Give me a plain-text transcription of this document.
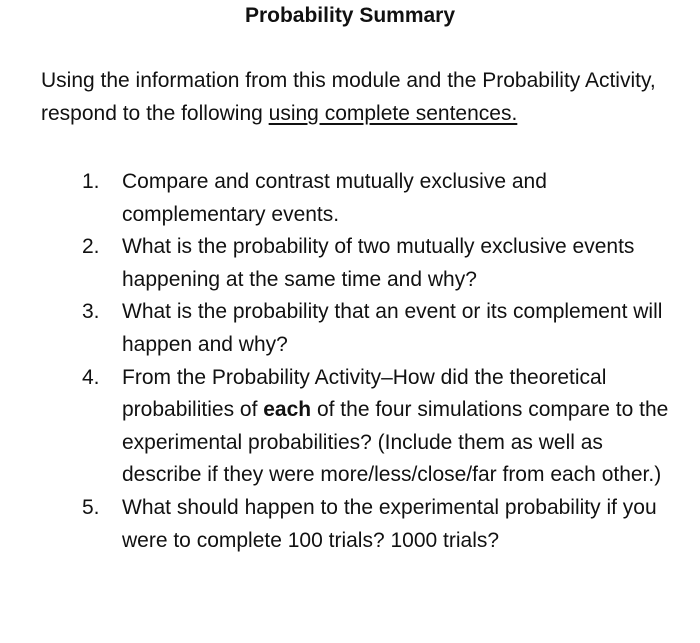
Probability Summary
Using the information from this module and the Probability Activity, respond to the following using complete sentences.
1.	Compare and contrast mutually exclusive and complementary events.
2.	What is the probability of two mutually exclusive events happening at the same time and why?
3.	What is the probability that an event or its complement will happen and why?
4.	From the Probability Activity–How did the theoretical probabilities of each of the four simulations compare to the experimental probabilities? (Include them as well as describe if they were more/less/close/far from each other.)
5.	What should happen to the experimental probability if you were to complete 100 trials? 1000 trials?
